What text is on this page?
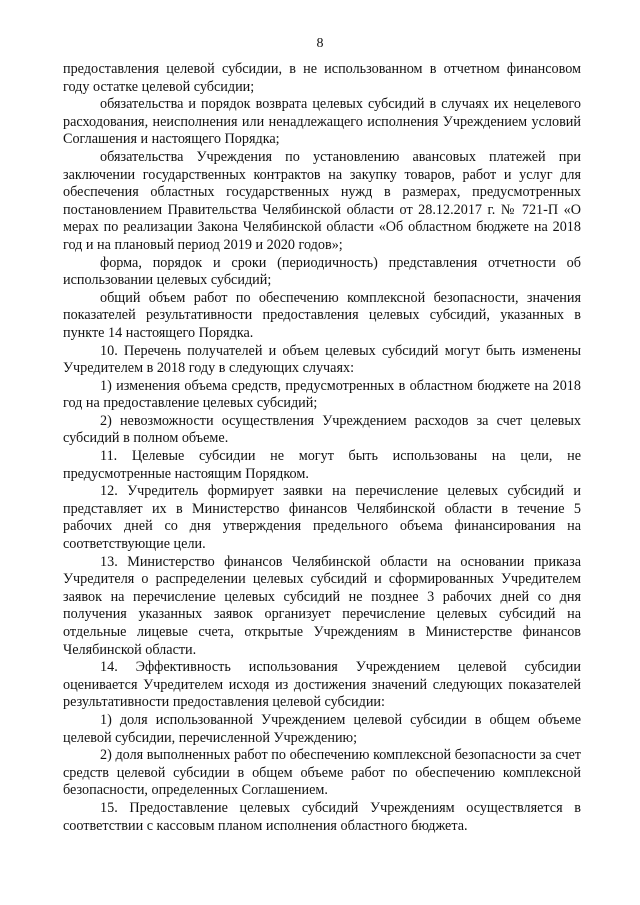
8

предоставления целевой субсидии, в не использованном в отчетном финансовом году остатке целевой субсидии;

обязательства и порядок возврата целевых субсидий в случаях их нецелевого расходования, неисполнения или ненадлежащего исполнения Учреждением условий Соглашения и настоящего Порядка;

обязательства Учреждения по установлению авансовых платежей при заключении государственных контрактов на закупку товаров, работ и услуг для обеспечения областных государственных нужд в размерах, предусмотренных постановлением Правительства Челябинской области от 28.12.2017 г. № 721-П «О мерах по реализации Закона Челябинской области «Об областном бюджете на 2018 год и на плановый период 2019 и 2020 годов»;

форма, порядок и сроки (периодичность) представления отчетности об использовании целевых субсидий;

общий объем работ по обеспечению комплексной безопасности, значения показателей результативности предоставления целевых субсидий, указанных в пункте 14 настоящего Порядка.

10. Перечень получателей и объем целевых субсидий могут быть изменены Учредителем в 2018 году в следующих случаях:

1) изменения объема средств, предусмотренных в областном бюджете на 2018 год на предоставление целевых субсидий;

2) невозможности осуществления Учреждением расходов за счет целевых субсидий в полном объеме.

11. Целевые субсидии не могут быть использованы на цели, не предусмотренные настоящим Порядком.

12. Учредитель формирует заявки на перечисление целевых субсидий и представляет их в Министерство финансов Челябинской области в течение 5 рабочих дней со дня утверждения предельного объема финансирования на соответствующие цели.

13. Министерство финансов Челябинской области на основании приказа Учредителя о распределении целевых субсидий и сформированных Учредителем заявок на перечисление целевых субсидий не позднее 3 рабочих дней со дня получения указанных заявок организует перечисление целевых субсидий на отдельные лицевые счета, открытые Учреждениям в Министерстве финансов Челябинской области.

14. Эффективность использования Учреждением целевой субсидии оценивается Учредителем исходя из достижения значений следующих показателей результативности предоставления целевой субсидии:

1) доля использованной Учреждением целевой субсидии в общем объеме целевой субсидии, перечисленной Учреждению;

2) доля выполненных работ по обеспечению комплексной безопасности за счет средств целевой субсидии в общем объеме работ по обеспечению комплексной безопасности, определенных Соглашением.

15. Предоставление целевых субсидий Учреждениям осуществляется в соответствии с кассовым планом исполнения областного бюджета.
